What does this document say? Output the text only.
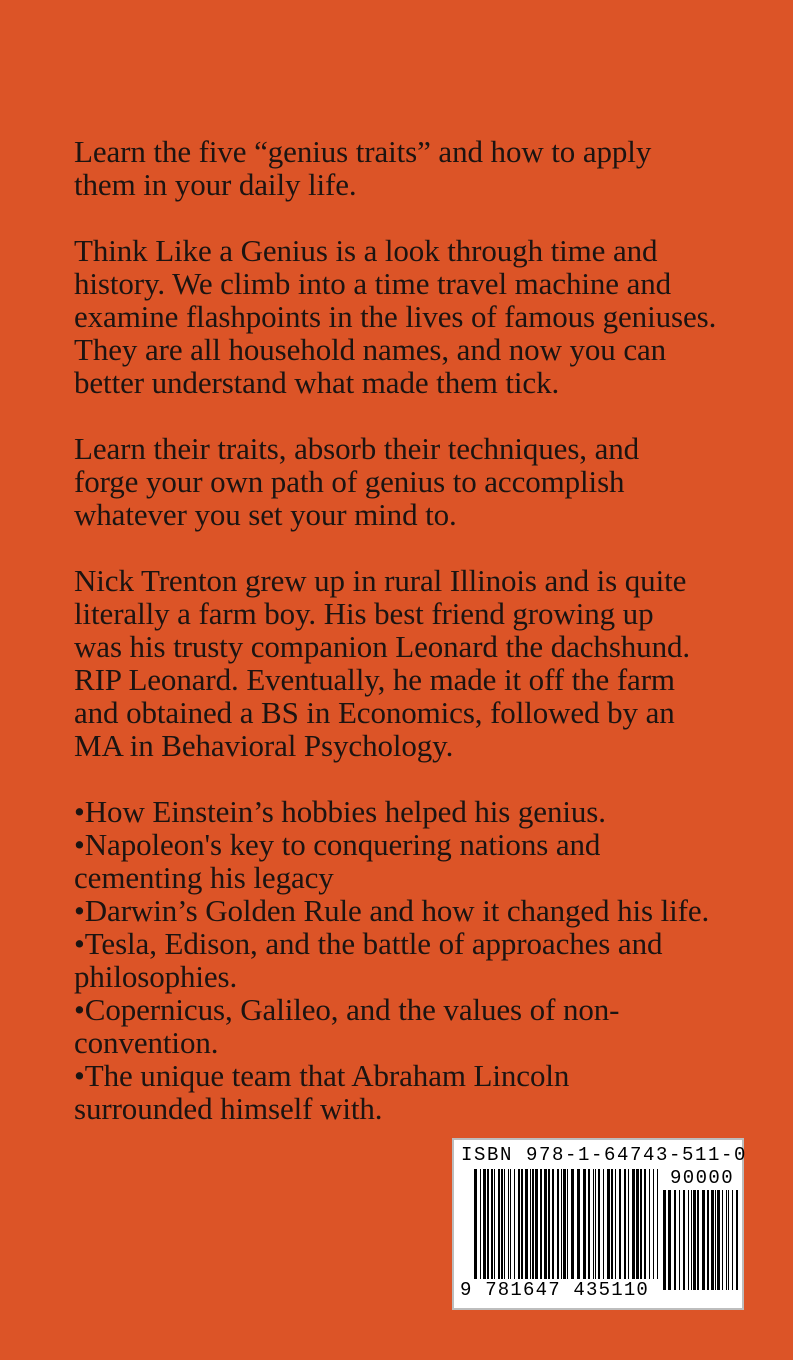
Learn the five “genius traits” and how to apply
them in your daily life.

Think Like a Genius is a look through time and
history. We climb into a time travel machine and
examine flashpoints in the lives of famous geniuses.
They are all household names, and now you can
better understand what made them tick.

Learn their traits, absorb their techniques, and
forge your own path of genius to accomplish
whatever you set your mind to.

Nick Trenton grew up in rural Illinois and is quite
literally a farm boy. His best friend growing up
was his trusty companion Leonard the dachshund.
RIP Leonard. Eventually, he made it off the farm
and obtained a BS in Economics, followed by an
MA in Behavioral Psychology.

•How Einstein’s hobbies helped his genius.
•Napoleon's key to conquering nations and
cementing his legacy
•Darwin’s Golden Rule and how it changed his life.
•Tesla, Edison, and the battle of approaches and
philosophies.
•Copernicus, Galileo, and the values of non-
convention.
•The unique team that Abraham Lincoln
surrounded himself with.
ISBN 978-1-64743-511-0
90000
9 781647 435110
